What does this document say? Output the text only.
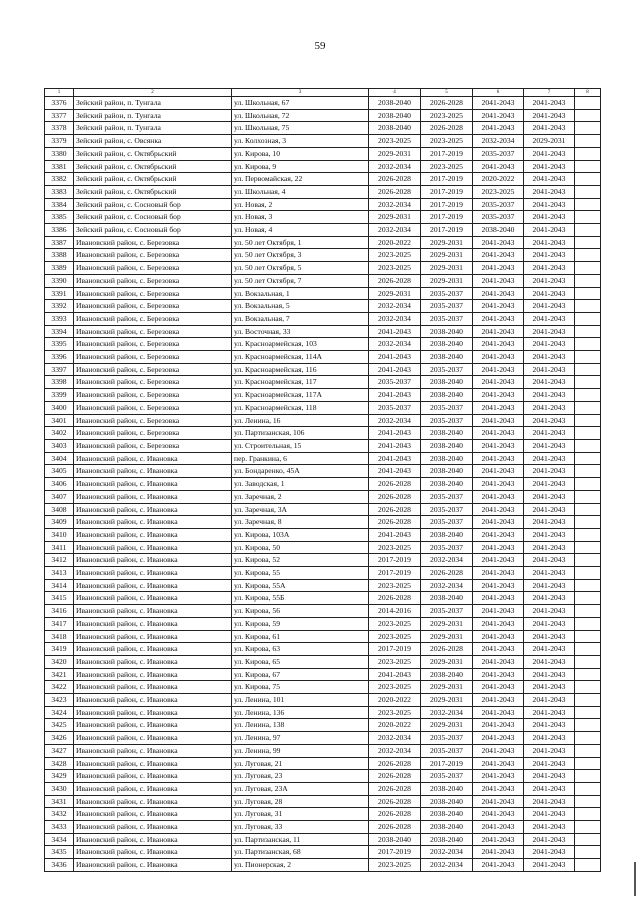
59
1	2	3	4	5	6	7	8
3376	Зейский район, п. Тунгала	ул. Школьная, 67	2038-2040	2026-2028	2041-2043	2041-2043	
3377	Зейский район, п. Тунгала	ул. Школьная, 72	2038-2040	2023-2025	2041-2043	2041-2043	
3378	Зейский район, п. Тунгала	ул. Школьная, 75	2038-2040	2026-2028	2041-2043	2041-2043	
3379	Зейский район, с. Овсянка	ул. Колхозная, 3	2023-2025	2023-2025	2032-2034	2029-2031	
3380	Зейский район, с. Октябрьский	ул. Кирова, 10	2029-2031	2017-2019	2035-2037	2041-2043	
3381	Зейский район, с. Октябрьский	ул. Кирова, 9	2032-2034	2023-2025	2041-2043	2041-2043	
3382	Зейский район, с. Октябрьский	ул. Первомайская, 22	2026-2028	2017-2019	2020-2022	2041-2043	
3383	Зейский район, с. Октябрьский	ул. Школьная, 4	2026-2028	2017-2019	2023-2025	2041-2043	
3384	Зейский район, с. Сосновый бор	ул. Новая, 2	2032-2034	2017-2019	2035-2037	2041-2043	
3385	Зейский район, с. Сосновый бор	ул. Новая, 3	2029-2031	2017-2019	2035-2037	2041-2043	
3386	Зейский район, с. Сосновый бор	ул. Новая, 4	2032-2034	2017-2019	2038-2040	2041-2043	
3387	Ивановский район, с. Березовка	ул. 50 лет Октября, 1	2020-2022	2029-2031	2041-2043	2041-2043	
3388	Ивановский район, с. Березовка	ул. 50 лет Октября, 3	2023-2025	2029-2031	2041-2043	2041-2043	
3389	Ивановский район, с. Березовка	ул. 50 лет Октября, 5	2023-2025	2029-2031	2041-2043	2041-2043	
3390	Ивановский район, с. Березовка	ул. 50 лет Октября, 7	2026-2028	2029-2031	2041-2043	2041-2043	
3391	Ивановский район, с. Березовка	ул. Вокзальная, 1	2029-2031	2035-2037	2041-2043	2041-2043	
3392	Ивановский район, с. Березовка	ул. Вокзальная, 5	2032-2034	2035-2037	2041-2043	2041-2043	
3393	Ивановский район, с. Березовка	ул. Вокзальная, 7	2032-2034	2035-2037	2041-2043	2041-2043	
3394	Ивановский район, с. Березовка	ул. Восточная, 33	2041-2043	2038-2040	2041-2043	2041-2043	
3395	Ивановский район, с. Березовка	ул. Красноармейская, 103	2032-2034	2038-2040	2041-2043	2041-2043	
3396	Ивановский район, с. Березовка	ул. Красноармейская, 114А	2041-2043	2038-2040	2041-2043	2041-2043	
3397	Ивановский район, с. Березовка	ул. Красноармейская, 116	2041-2043	2035-2037	2041-2043	2041-2043	
3398	Ивановский район, с. Березовка	ул. Красноармейская, 117	2035-2037	2038-2040	2041-2043	2041-2043	
3399	Ивановский район, с. Березовка	ул. Красноармейская, 117А	2041-2043	2038-2040	2041-2043	2041-2043	
3400	Ивановский район, с. Березовка	ул. Красноармейская, 118	2035-2037	2035-2037	2041-2043	2041-2043	
3401	Ивановский район, с. Березовка	ул. Ленина, 16	2032-2034	2035-2037	2041-2043	2041-2043	
3402	Ивановский район, с. Березовка	ул. Партизанская, 106	2041-2043	2038-2040	2041-2043	2041-2043	
3403	Ивановский район, с. Березовка	ул. Строительная, 15	2041-2043	2038-2040	2041-2043	2041-2043	
3404	Ивановский район, с. Ивановка	пер. Гранкина, 6	2041-2043	2038-2040	2041-2043	2041-2043	
3405	Ивановский район, с. Ивановка	ул. Бондаренко, 45А	2041-2043	2038-2040	2041-2043	2041-2043	
3406	Ивановский район, с. Ивановка	ул. Заводская, 1	2026-2028	2038-2040	2041-2043	2041-2043	
3407	Ивановский район, с. Ивановка	ул. Заречная, 2	2026-2028	2035-2037	2041-2043	2041-2043	
3408	Ивановский район, с. Ивановка	ул. Заречная, 3А	2026-2028	2035-2037	2041-2043	2041-2043	
3409	Ивановский район, с. Ивановка	ул. Заречная, 8	2026-2028	2035-2037	2041-2043	2041-2043	
3410	Ивановский район, с. Ивановка	ул. Кирова, 103А	2041-2043	2038-2040	2041-2043	2041-2043	
3411	Ивановский район, с. Ивановка	ул. Кирова, 50	2023-2025	2035-2037	2041-2043	2041-2043	
3412	Ивановский район, с. Ивановка	ул. Кирова, 52	2017-2019	2032-2034	2041-2043	2041-2043	
3413	Ивановский район, с. Ивановка	ул. Кирова, 55	2017-2019	2026-2028	2041-2043	2041-2043	
3414	Ивановский район, с. Ивановка	ул. Кирова, 55А	2023-2025	2032-2034	2041-2043	2041-2043	
3415	Ивановский район, с. Ивановка	ул. Кирова, 55Б	2026-2028	2038-2040	2041-2043	2041-2043	
3416	Ивановский район, с. Ивановка	ул. Кирова, 56	2014-2016	2035-2037	2041-2043	2041-2043	
3417	Ивановский район, с. Ивановка	ул. Кирова, 59	2023-2025	2029-2031	2041-2043	2041-2043	
3418	Ивановский район, с. Ивановка	ул. Кирова, 61	2023-2025	2029-2031	2041-2043	2041-2043	
3419	Ивановский район, с. Ивановка	ул. Кирова, 63	2017-2019	2026-2028	2041-2043	2041-2043	
3420	Ивановский район, с. Ивановка	ул. Кирова, 65	2023-2025	2029-2031	2041-2043	2041-2043	
3421	Ивановский район, с. Ивановка	ул. Кирова, 67	2041-2043	2038-2040	2041-2043	2041-2043	
3422	Ивановский район, с. Ивановка	ул. Кирова, 75	2023-2025	2029-2031	2041-2043	2041-2043	
3423	Ивановский район, с. Ивановка	ул. Ленина, 101	2020-2022	2029-2031	2041-2043	2041-2043	
3424	Ивановский район, с. Ивановка	ул. Ленина, 136	2023-2025	2032-2034	2041-2043	2041-2043	
3425	Ивановский район, с. Ивановка	ул. Ленина, 138	2020-2022	2029-2031	2041-2043	2041-2043	
3426	Ивановский район, с. Ивановка	ул. Ленина, 97	2032-2034	2035-2037	2041-2043	2041-2043	
3427	Ивановский район, с. Ивановка	ул. Ленина, 99	2032-2034	2035-2037	2041-2043	2041-2043	
3428	Ивановский район, с. Ивановка	ул. Луговая, 21	2026-2028	2017-2019	2041-2043	2041-2043	
3429	Ивановский район, с. Ивановка	ул. Луговая, 23	2026-2028	2035-2037	2041-2043	2041-2043	
3430	Ивановский район, с. Ивановка	ул. Луговая, 23А	2026-2028	2038-2040	2041-2043	2041-2043	
3431	Ивановский район, с. Ивановка	ул. Луговая, 28	2026-2028	2038-2040	2041-2043	2041-2043	
3432	Ивановский район, с. Ивановка	ул. Луговая, 31	2026-2028	2038-2040	2041-2043	2041-2043	
3433	Ивановский район, с. Ивановка	ул. Луговая, 33	2026-2028	2038-2040	2041-2043	2041-2043	
3434	Ивановский район, с. Ивановка	ул. Партизанская, 11	2038-2040	2038-2040	2041-2043	2041-2043	
3435	Ивановский район, с. Ивановка	ул. Партизанская, 68	2017-2019	2032-2034	2041-2043	2041-2043	
3436	Ивановский район, с. Ивановка	ул. Пионерская, 2	2023-2025	2032-2034	2041-2043	2041-2043	
